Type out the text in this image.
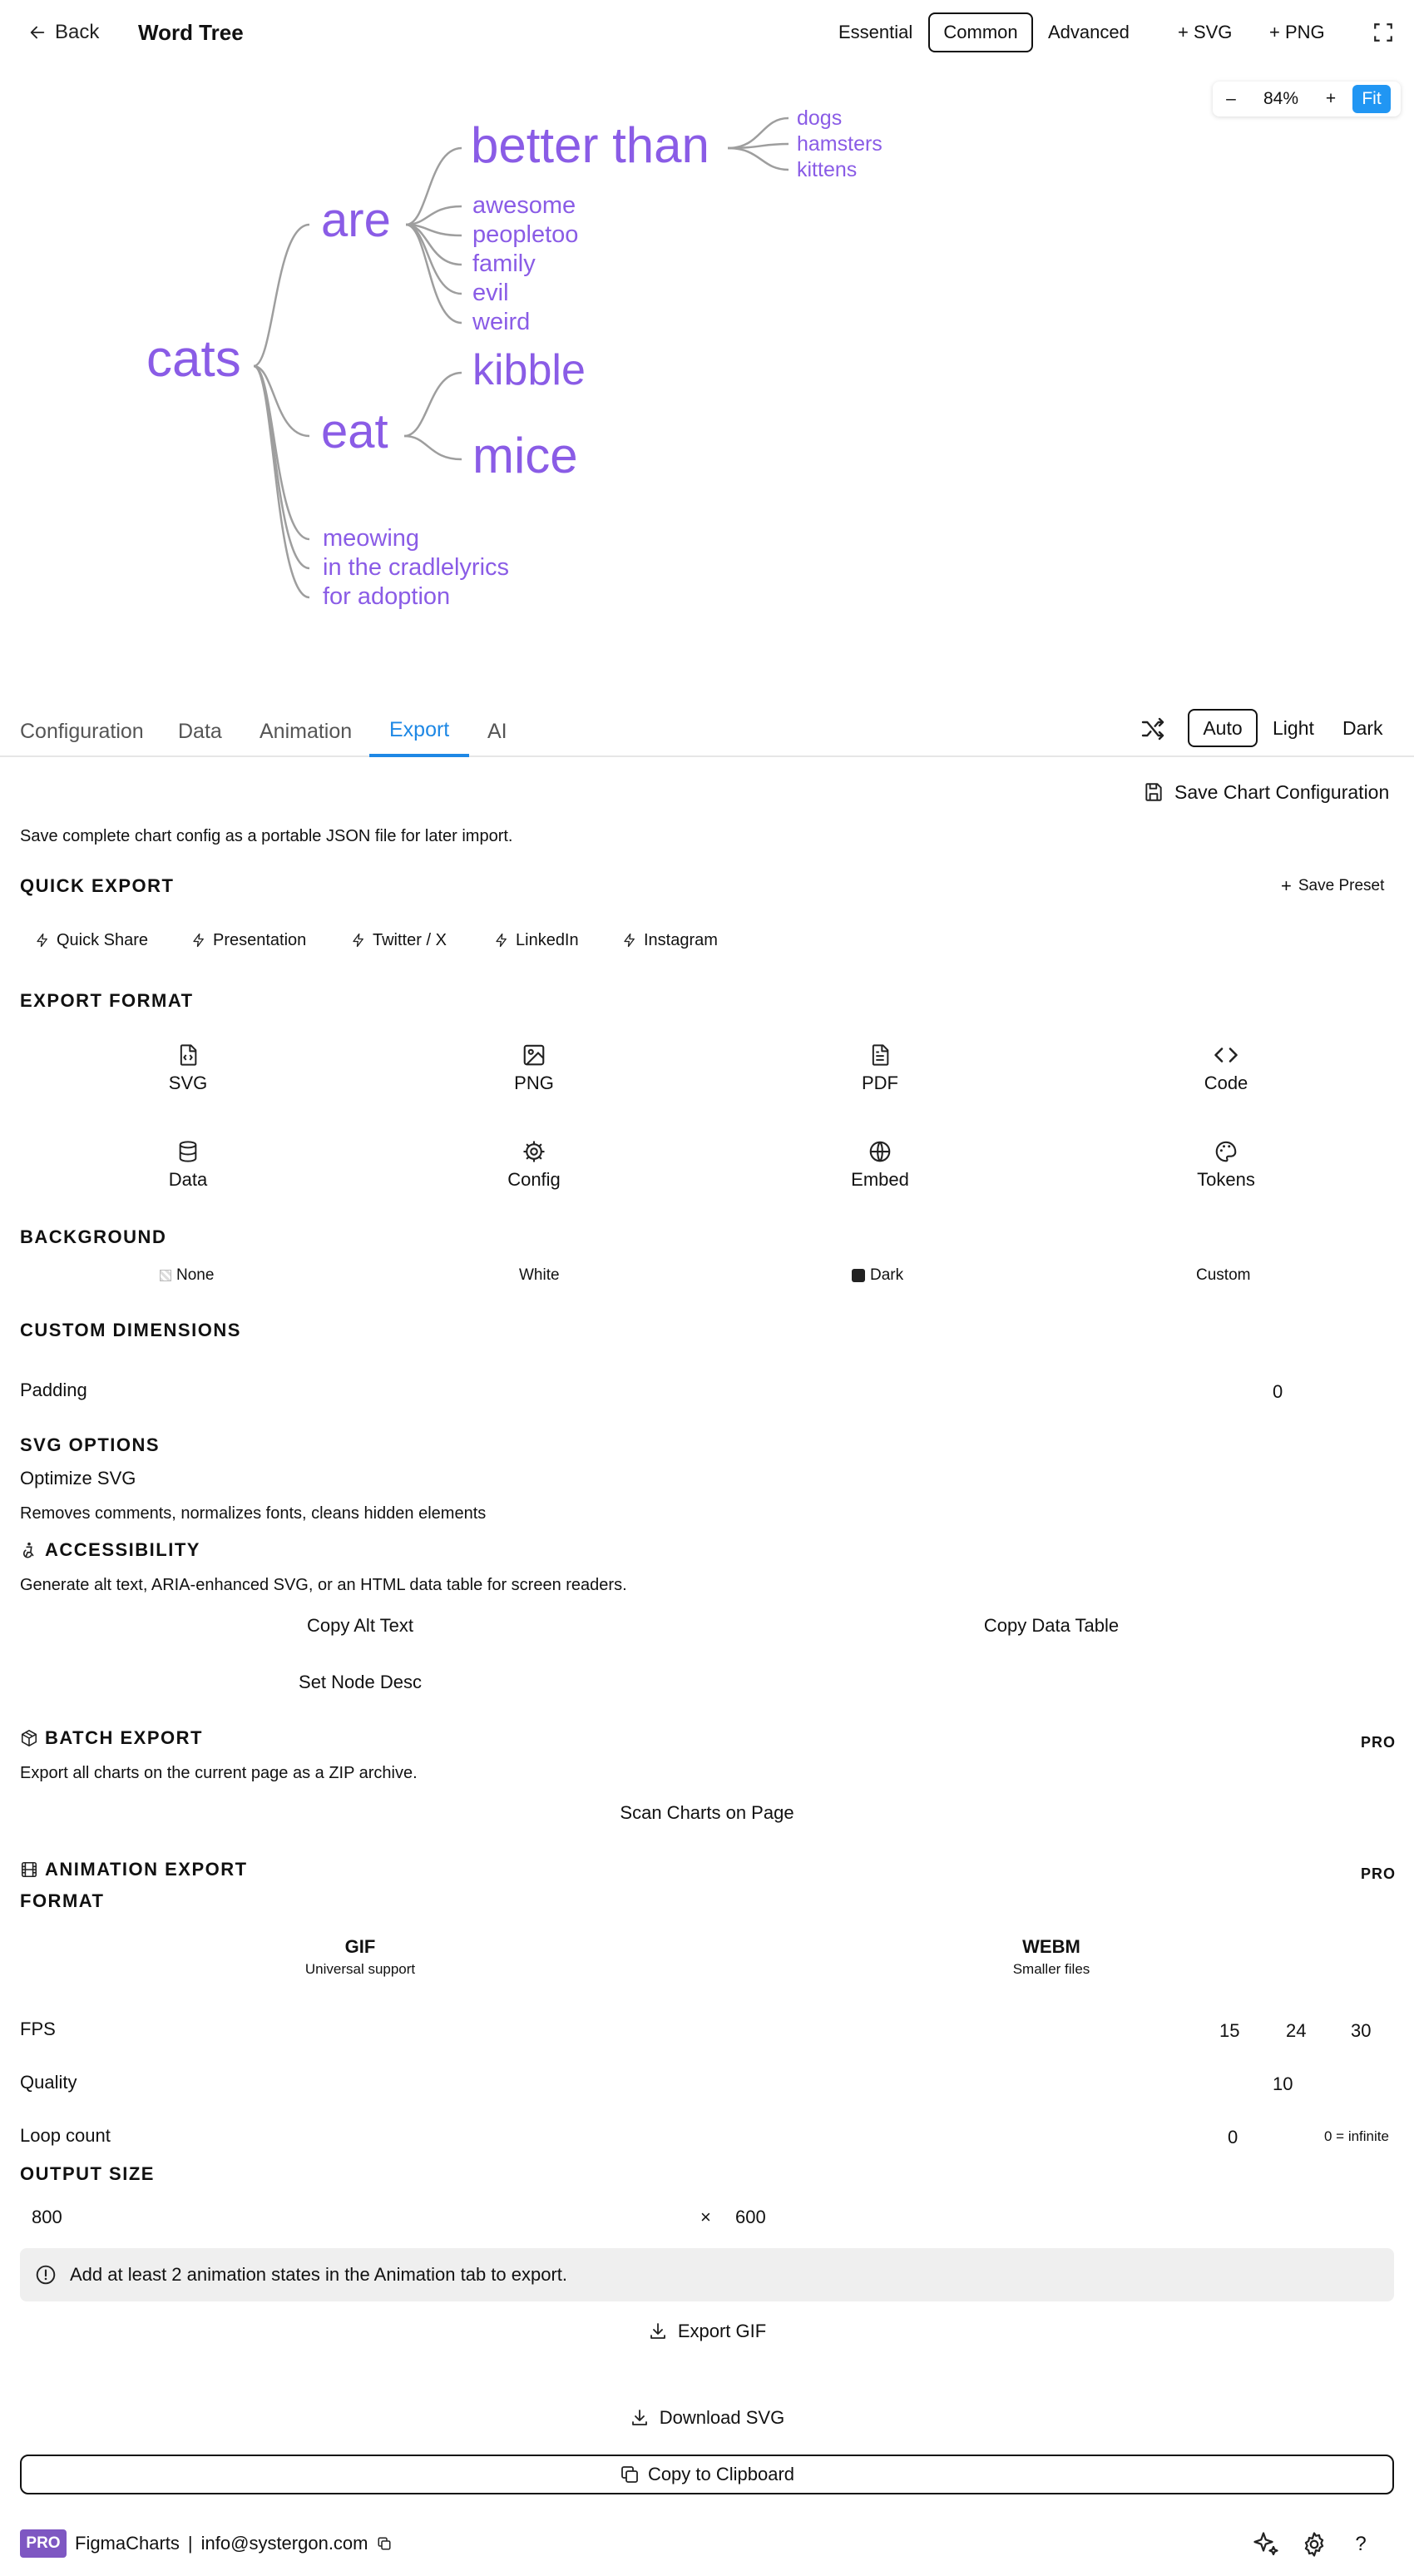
Back Word Tree	Essential	Common	Advanced	+ SVG	+ PNG
–	84%	+	Fit
cats
are
better than	dogs
hamsters
kittens
awesome
peopletoo
family
evil
weird
eat
kibble
mice
meowing
in the cradlelyrics
for adoption
Configuration	Data	Animation	Export	AI	Auto	Light	Dark
Save Chart Configuration
Save complete chart config as a portable JSON file for later import.
QUICK EXPORT	+ Save Preset
Quick Share	Presentation	Twitter / X	LinkedIn	Instagram
EXPORT FORMAT
SVG	PNG	PDF	Code
Data	Config	Embed	Tokens
BACKGROUND
None	White	Dark	Custom
CUSTOM DIMENSIONS
Padding	0
SVG OPTIONS
Optimize SVG
Removes comments, normalizes fonts, cleans hidden elements
ACCESSIBILITY
Generate alt text, ARIA-enhanced SVG, or an HTML data table for screen readers.
Copy Alt Text	Copy Data Table
Set Node Desc
BATCH EXPORT	PRO
Export all charts on the current page as a ZIP archive.
Scan Charts on Page
ANIMATION EXPORT	PRO
FORMAT
GIF
Universal support
WEBM
Smaller files
FPS	15	24 30
Quality	10
Loop count	0	0 = infinite
OUTPUT SIZE
800	× 600
Add at least 2 animation states in the Animation tab to export.
Export GIF
Download SVG
Copy to Clipboard
PRO FigmaCharts | info@systergon.com	?
